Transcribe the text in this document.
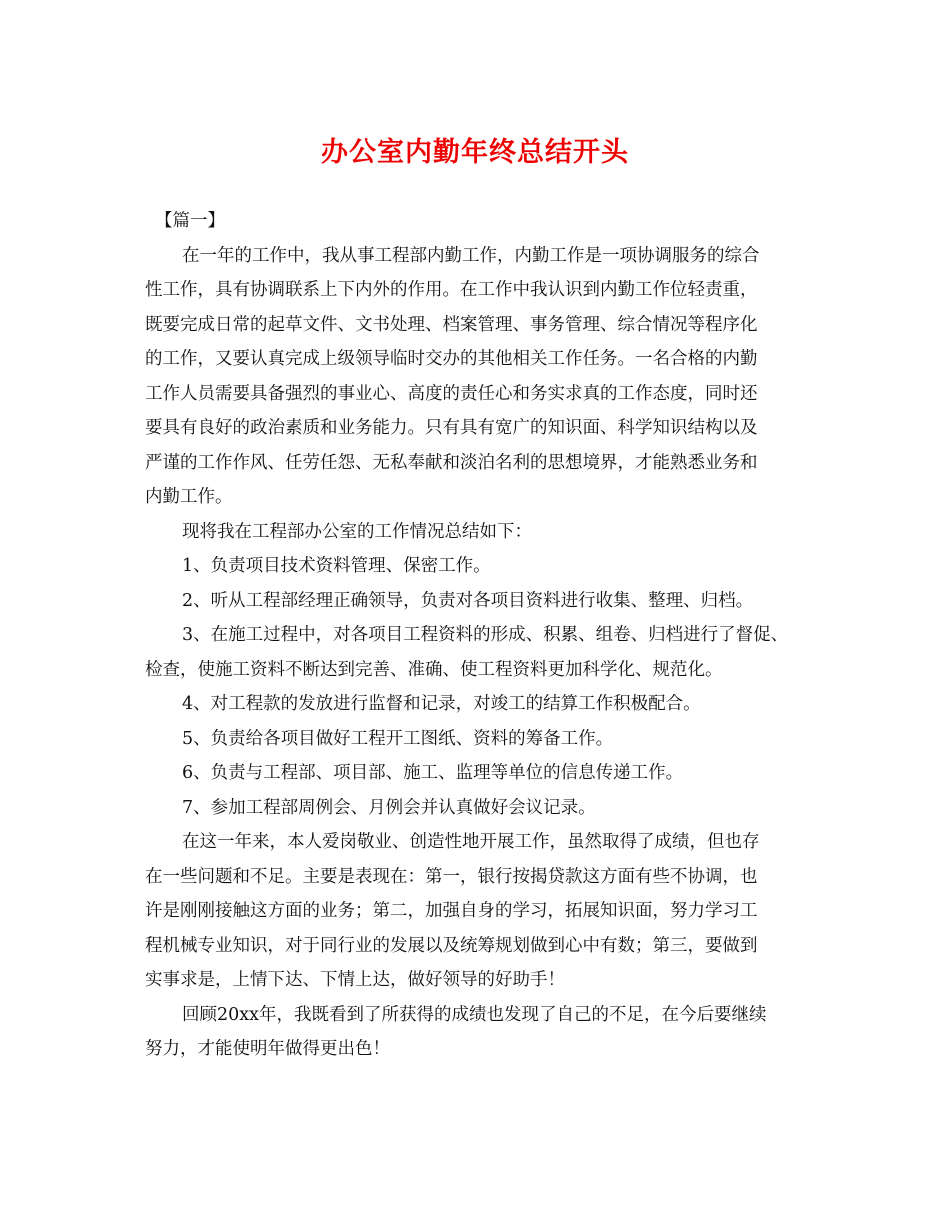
办公室内勤年终总结开头
【篇一】
在一年的工作中，我从事工程部内勤工作，内勤工作是一项协调服务的综合
性工作，具有协调联系上下内外的作用。在工作中我认识到内勤工作位轻责重，
既要完成日常的起草文件、文书处理、档案管理、事务管理、综合情况等程序化
的工作，又要认真完成上级领导临时交办的其他相关工作任务。一名合格的内勤
工作人员需要具备强烈的事业心、高度的责任心和务实求真的工作态度，同时还
要具有良好的政治素质和业务能力。只有具有宽广的知识面、科学知识结构以及
严谨的工作作风、任劳任怨、无私奉献和淡泊名利的思想境界，才能熟悉业务和
内勤工作。
现将我在工程部办公室的工作情况总结如下：
1、负责项目技术资料管理、保密工作。
2、听从工程部经理正确领导，负责对各项目资料进行收集、整理、归档。
3、在施工过程中，对各项目工程资料的形成、积累、组卷、归档进行了督促、
检查，使施工资料不断达到完善、准确、使工程资料更加科学化、规范化。
4、对工程款的发放进行监督和记录，对竣工的结算工作积极配合。
5、负责给各项目做好工程开工图纸、资料的筹备工作。
6、负责与工程部、项目部、施工、监理等单位的信息传递工作。
7、参加工程部周例会、月例会并认真做好会议记录。
在这一年来，本人爱岗敬业、创造性地开展工作，虽然取得了成绩，但也存
在一些问题和不足。主要是表现在：第一，银行按揭贷款这方面有些不协调，也
许是刚刚接触这方面的业务；第二，加强自身的学习，拓展知识面，努力学习工
程机械专业知识，对于同行业的发展以及统筹规划做到心中有数；第三，要做到
实事求是，上情下达、下情上达，做好领导的好助手！
回顾20xx年，我既看到了所获得的成绩也发现了自己的不足，在今后要继续
努力，才能使明年做得更出色！
